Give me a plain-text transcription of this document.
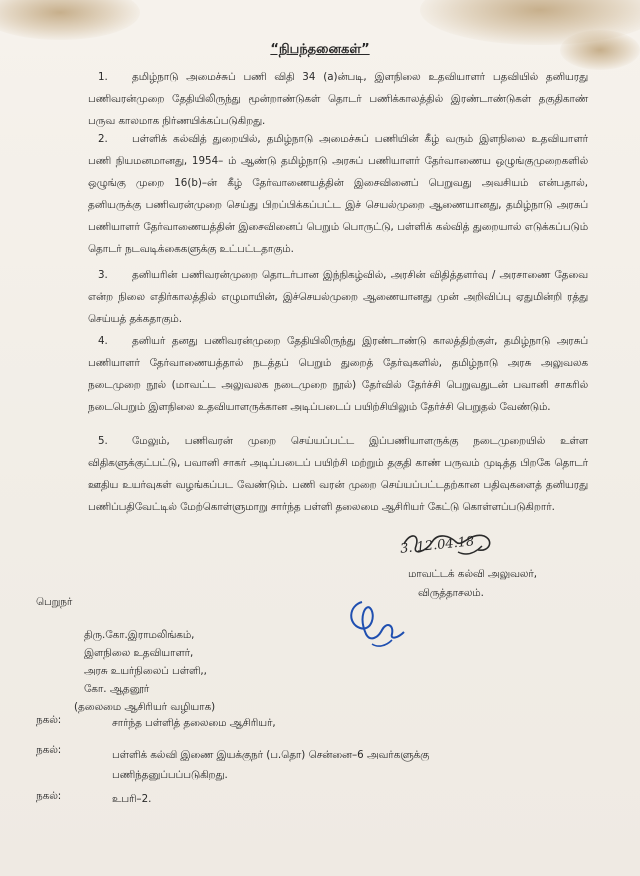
“நிபந்தனைகள்”
1. தமிழ்நாடு அமைச்சுப் பணி விதி 34 (a)ன்படி, இளநிலை உதவியாளர் பதவியில் தனியரது பணிவரன்முறை தேதியிலிருந்து மூன்றாண்டுகள் தொடர் பணிக்காலத்தில் இரண்டாண்டுகள் தகுதிகாண் பருவ காலமாக நிர்ணயிக்கப்படுகிறது.
2. பள்ளிக் கல்வித் துறையில், தமிழ்நாடு அமைச்சுப் பணியின் கீழ் வரும் இளநிலை உதவியாளர் பணி நியமனமானது, 1954– ம் ஆண்டு தமிழ்நாடு அரசுப் பணியாளர் தேர்வாணைய ஒழுங்குமுறைகளில் ஒழுங்கு முறை 16(b)–ன் கீழ் தேர்வாணையத்தின் இசைவினைப் பெறுவது அவசியம் என்பதால், தனியருக்கு பணிவரன்முறை செய்து பிறப்பிக்கப்பட்ட இச் செயல்முறை ஆணையானது, தமிழ்நாடு அரசுப் பணியாளர் தேர்வாணையத்தின் இசைவினைப் பெறும் பொருட்டு, பள்ளிக் கல்வித் துறையால் எடுக்கப்படும் தொடர் நடவடிக்கைகளுக்கு உட்பட்டதாகும்.
3. தனியரின் பணிவரன்முறை தொடர்பான இந்நிகழ்வில், அரசின் விதித்தளர்வு / அரசாணை தேவை என்ற நிலை எதிர்காலத்தில் எழுமாயின், இச்செயல்முறை ஆணையானது முன் அறிவிப்பு ஏதுமின்றி ரத்து செய்யத் தக்கதாகும்.
4. தனியர் தனது பணிவரன்முறை தேதியிலிருந்து இரண்டாண்டு காலத்திற்குள், தமிழ்நாடு அரசுப் பணியாளர் தேர்வாணையத்தால் நடத்தப் பெறும் துறைத் தேர்வுகளில், தமிழ்நாடு அரசு அலுவலக நடைமுறை நூல் (மாவட்ட அலுவலக நடைமுறை நூல்) தேர்வில் தேர்ச்சி பெறுவதுடன் பவானி சாகரில் நடைபெறும் இளநிலை உதவியாளருக்கான அடிப்படைப் பயிற்சியிலும் தேர்ச்சி பெறுதல் வேண்டும்.
5. மேலும், பணிவரன் முறை செய்யப்பட்ட இப்பணியாளருக்கு நடைமுறையில் உள்ள விதிகளுக்குட்பட்டு, பவானி சாகர் அடிப்படைப் பயிற்சி மற்றும் தகுதி காண் பருவம் முடித்த பிறகே தொடர் ஊதிய உயர்வுகள் வழங்கப்பட வேண்டும். பணி வரன் முறை செய்யப்பட்டதற்கான பதிவுகளைத் தனியரது பணிப்பதிவேட்டில் மேற்கொள்ளுமாறு சார்ந்த பள்ளி தலைமை ஆசிரியர் கேட்டு கொள்ளப்படுகிறார்.
3. 12.04.18
மாவட்டக் கல்வி அலுவலர்,
விருத்தாசலம்.
பெறுநர்
திரு.கோ.இராமலிங்கம்,
இளநிலை உதவியாளர்,
அரசு உயர்நிலைப் பள்ளி,,
கோ. ஆதனூர்
(தலைமை ஆசிரியர் வழியாக)
நகல்:	சார்ந்த பள்ளித் தலைமை ஆசிரியர்,
நகல்:	பள்ளிக் கல்வி இணை இயக்குநர் (ப.தொ) சென்னை–6 அவர்களுக்கு
பணிந்தனுப்பப்படுகிறது.
நகல்:	உபரி–2.
